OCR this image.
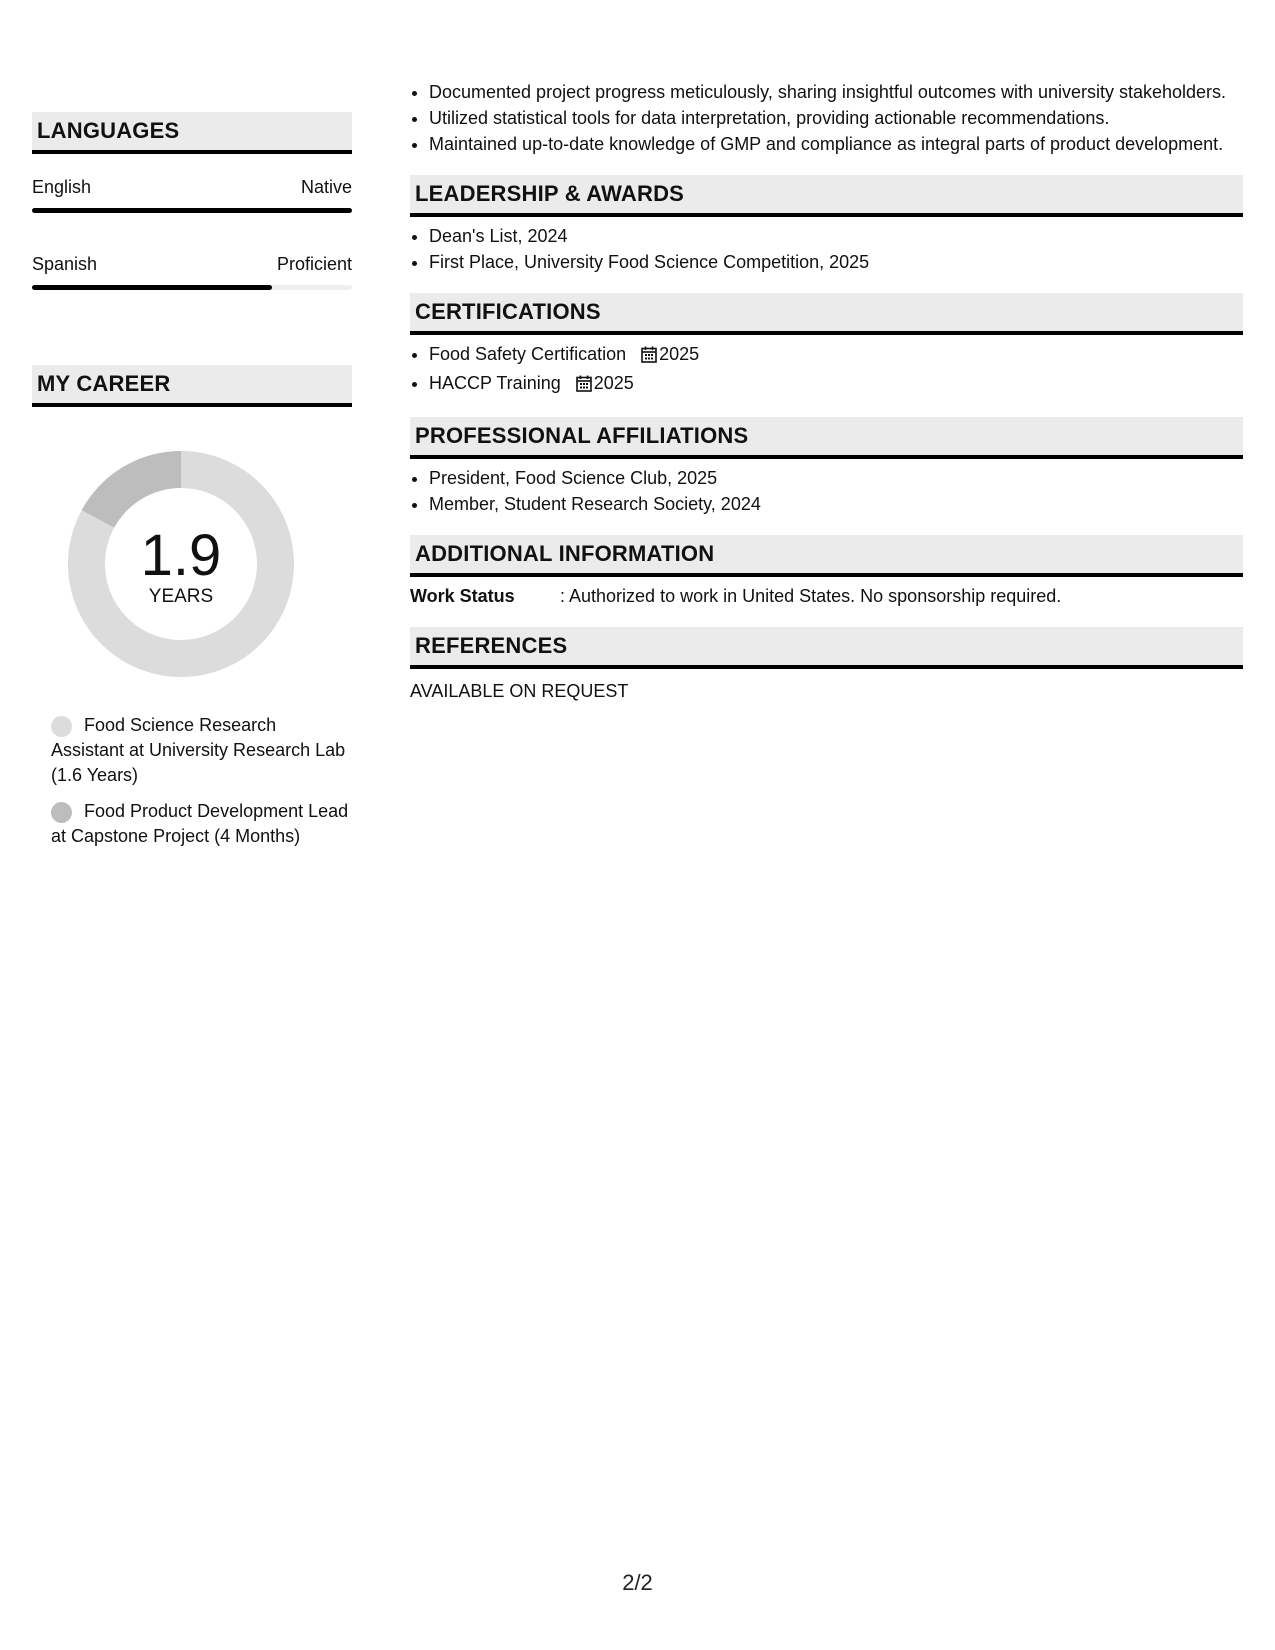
LANGUAGES
English	Native
Spanish	Proficient
MY CAREER
1.9
YEARS
Food Science Research Assistant at University Research Lab (1.6 Years)
Food Product Development Lead at Capstone Project (4 Months)
• Documented project progress meticulously, sharing insightful outcomes with university stakeholders.
• Utilized statistical tools for data interpretation, providing actionable recommendations.
• Maintained up-to-date knowledge of GMP and compliance as integral parts of product development.
LEADERSHIP & AWARDS
• Dean's List, 2024
• First Place, University Food Science Competition, 2025
CERTIFICATIONS
• Food Safety Certification 2025
• HACCP Training 2025
PROFESSIONAL AFFILIATIONS
• President, Food Science Club, 2025
• Member, Student Research Society, 2024
ADDITIONAL INFORMATION
Work Status	: Authorized to work in United States. No sponsorship required.
REFERENCES
AVAILABLE ON REQUEST
2/2
